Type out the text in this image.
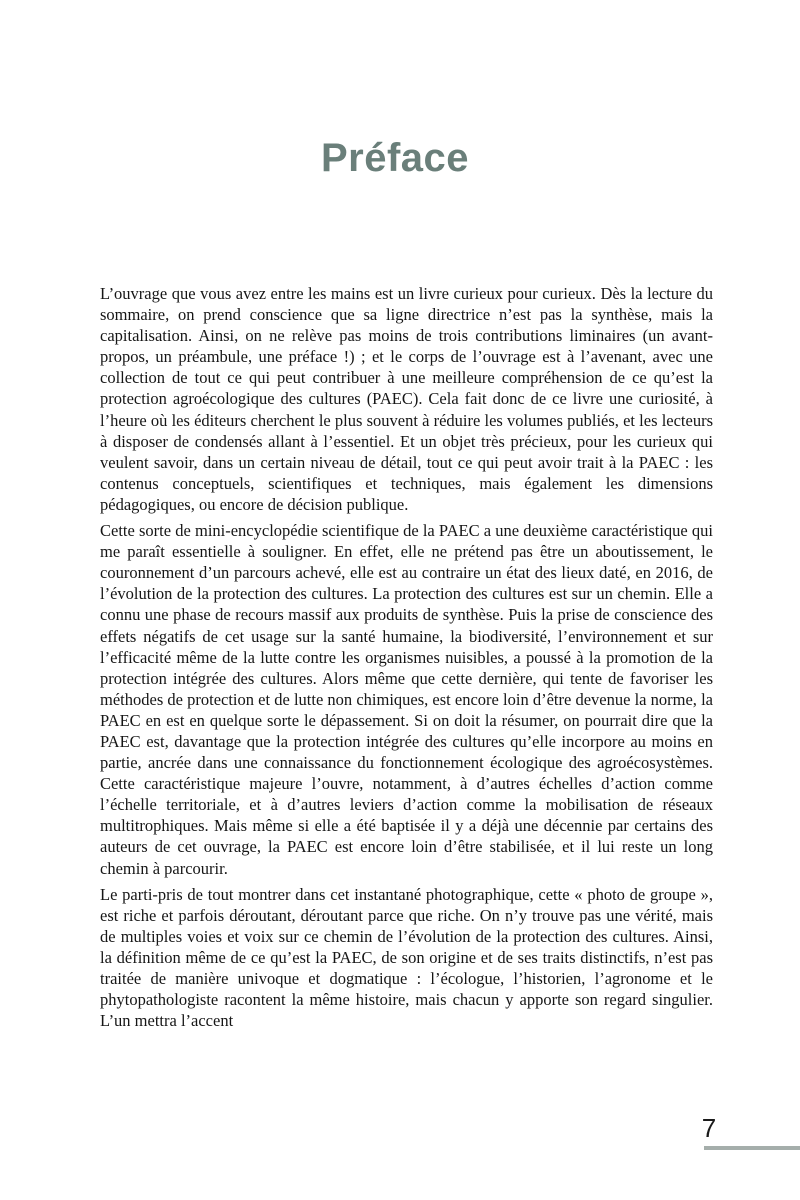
Préface

L’ouvrage que vous avez entre les mains est un livre curieux pour curieux. Dès la lecture du sommaire, on prend conscience que sa ligne directrice n’est pas la synthèse, mais la capitalisation. Ainsi, on ne relève pas moins de trois contributions liminaires (un avant-propos, un préambule, une préface !) ; et le corps de l’ouvrage est à l’avenant, avec une collection de tout ce qui peut contribuer à une meilleure compréhension de ce qu’est la protection agroécologique des cultures (PAEC). Cela fait donc de ce livre une curiosité, à l’heure où les éditeurs cherchent le plus souvent à réduire les volumes publiés, et les lecteurs à disposer de condensés allant à l’essentiel. Et un objet très précieux, pour les curieux qui veulent savoir, dans un certain niveau de détail, tout ce qui peut avoir trait à la PAEC : les contenus conceptuels, scientifiques et techniques, mais également les dimensions pédagogiques, ou encore de décision publique.

Cette sorte de mini-encyclopédie scientifique de la PAEC a une deuxième caractéristique qui me paraît essentielle à souligner. En effet, elle ne prétend pas être un aboutissement, le couronnement d’un parcours achevé, elle est au contraire un état des lieux daté, en 2016, de l’évolution de la protection des cultures. La protection des cultures est sur un chemin. Elle a connu une phase de recours massif aux produits de synthèse. Puis la prise de conscience des effets négatifs de cet usage sur la santé humaine, la biodiversité, l’environnement et sur l’efficacité même de la lutte contre les organismes nuisibles, a poussé à la promotion de la protection intégrée des cultures. Alors même que cette dernière, qui tente de favoriser les méthodes de protection et de lutte non chimiques, est encore loin d’être devenue la norme, la PAEC en est en quelque sorte le dépassement. Si on doit la résumer, on pourrait dire que la PAEC est, davantage que la protection intégrée des cultures qu’elle incorpore au moins en partie, ancrée dans une connaissance du fonctionnement écologique des agroécosystèmes. Cette caractéristique majeure l’ouvre, notamment, à d’autres échelles d’action comme l’échelle territoriale, et à d’autres leviers d’action comme la mobilisation de réseaux multitrophiques. Mais même si elle a été baptisée il y a déjà une décennie par certains des auteurs de cet ouvrage, la PAEC est encore loin d’être stabilisée, et il lui reste un long chemin à parcourir.

Le parti-pris de tout montrer dans cet instantané photographique, cette « photo de groupe », est riche et parfois déroutant, déroutant parce que riche. On n’y trouve pas une vérité, mais de multiples voies et voix sur ce chemin de l’évolution de la protection des cultures. Ainsi, la définition même de ce qu’est la PAEC, de son origine et de ses traits distinctifs, n’est pas traitée de manière univoque et dogmatique : l’écologue, l’historien, l’agronome et le phytopathologiste racontent la même histoire, mais chacun y apporte son regard singulier. L’un mettra l’accent

7
